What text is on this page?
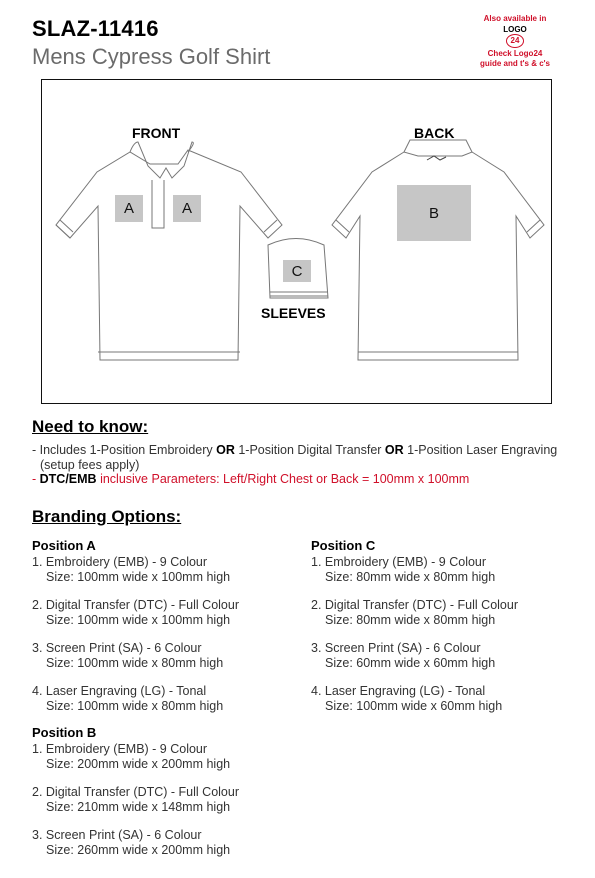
SLAZ-11416
Mens Cypress Golf Shirt
Also available in
LOGO
24
Check Logo24
guide and t's & c's
FRONT	BACK
SLEEVES
A	A	B
C
Need to know:
- Includes 1-Position Embroidery OR 1-Position Digital Transfer OR 1-Position Laser Engraving
(setup fees apply)
- DTC/EMB inclusive Parameters: Left/Right Chest or Back = 100mm x 100mm
Branding Options:
Position A
1. Embroidery (EMB) - 9 Colour
Size: 100mm wide x 100mm high
2. Digital Transfer (DTC) - Full Colour
Size: 100mm wide x 100mm high
3. Screen Print (SA) - 6 Colour
Size: 100mm wide x 80mm high
4. Laser Engraving (LG) - Tonal
Size: 100mm wide x 80mm high
Position B
1. Embroidery (EMB) - 9 Colour
Size: 200mm wide x 200mm high
2. Digital Transfer (DTC) - Full Colour
Size: 210mm wide x 148mm high
3. Screen Print (SA) - 6 Colour
Size: 260mm wide x 200mm high
Position C
1. Embroidery (EMB) - 9 Colour
Size: 80mm wide x 80mm high
2. Digital Transfer (DTC) - Full Colour
Size: 80mm wide x 80mm high
3. Screen Print (SA) - 6 Colour
Size: 60mm wide x 60mm high
4. Laser Engraving (LG) - Tonal
Size: 100mm wide x 60mm high
